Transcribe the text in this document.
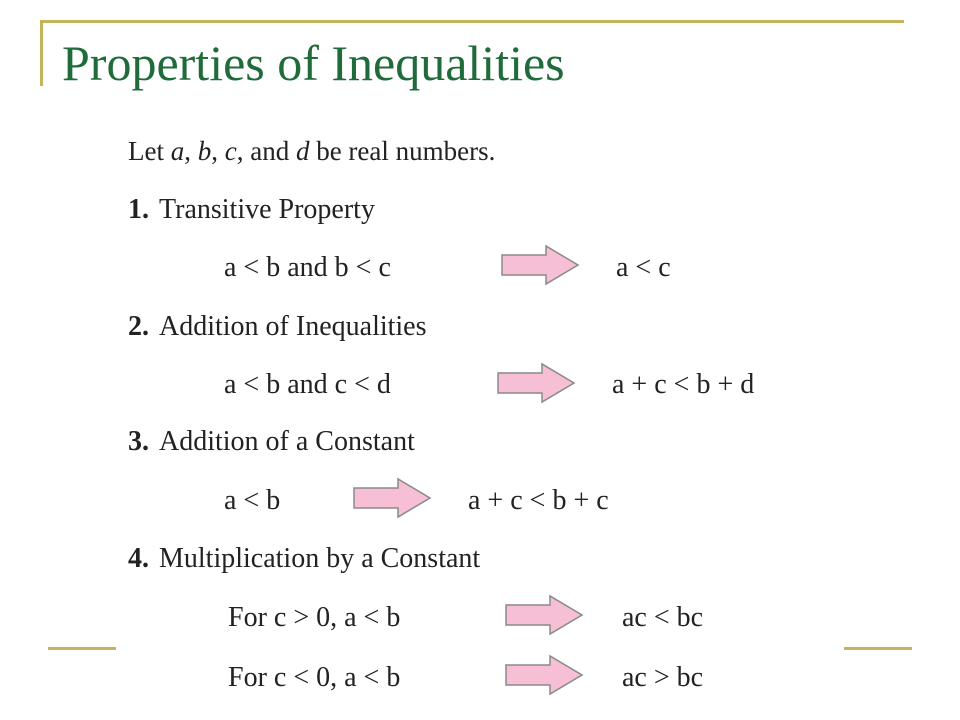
Properties of Inequalities
Let a, b, c, and d be real numbers.
1. Transitive Property
a < b and b < c	a < c
2. Addition of Inequalities
a < b and c < d	a + c < b + d
3. Addition of a Constant
a < b	a + c < b + c
4. Multiplication by a Constant
For c > 0, a < b	ac < bc
For c < 0, a < b	ac > bc
